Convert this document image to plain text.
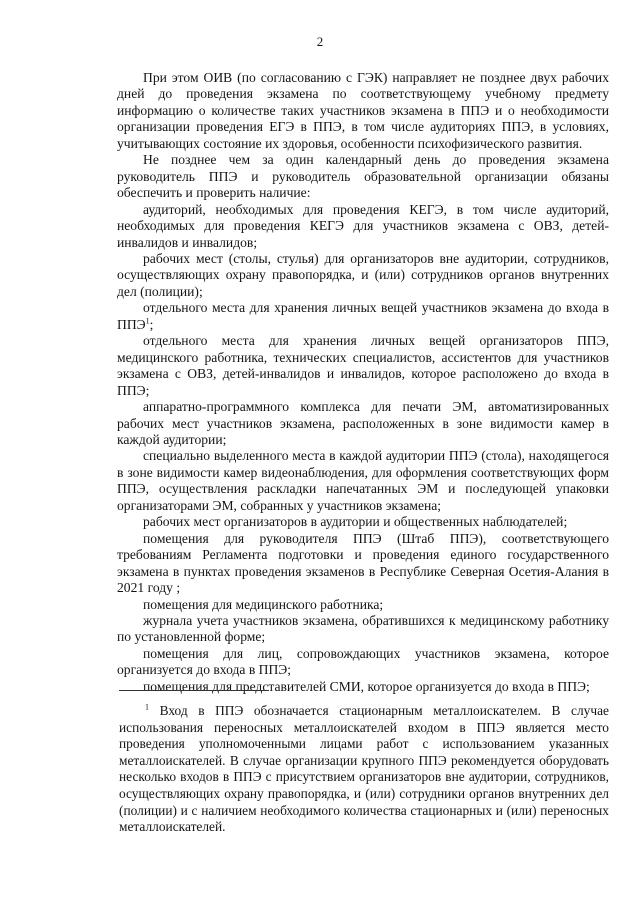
2

При этом ОИВ (по согласованию с ГЭК) направляет не позднее двух рабочих дней до проведения экзамена по соответствующему учебному предмету информацию о количестве таких участников экзамена в ППЭ и о необходимости организации проведения ЕГЭ в ППЭ, в том числе аудиториях ППЭ, в условиях, учитывающих состояние их здоровья, особенности психофизического развития.

Не позднее чем за один календарный день до проведения экзамена руководитель ППЭ и руководитель образовательной организации обязаны обеспечить и проверить наличие:

аудиторий, необходимых для проведения КЕГЭ, в том числе аудиторий, необходимых для проведения КЕГЭ для участников экзамена с ОВЗ, детей-инвалидов и инвалидов;

рабочих мест (столы, стулья) для организаторов вне аудитории, сотрудников, осуществляющих охрану правопорядка, и (или) сотрудников органов внутренних дел (полиции);

отдельного места для хранения личных вещей участников экзамена до входа в ППЭ$^1$;

отдельного места для хранения личных вещей организаторов ППЭ, медицинского работника, технических специалистов, ассистентов для участников экзамена с ОВЗ, детей-инвалидов и инвалидов, которое расположено до входа в ППЭ;

аппаратно-программного комплекса для печати ЭМ, автоматизированных рабочих мест участников экзамена, расположенных в зоне видимости камер в каждой аудитории;

специально выделенного места в каждой аудитории ППЭ (стола), находящегося в зоне видимости камер видеонаблюдения, для оформления соответствующих форм ППЭ, осуществления раскладки напечатанных ЭМ и последующей упаковки организаторами ЭМ, собранных у участников экзамена;

рабочих мест организаторов в аудитории и общественных наблюдателей;

помещения для руководителя ППЭ (Штаб ППЭ), соответствующего требованиям Регламента подготовки и проведения единого государственного экзамена в пунктах проведения экзаменов в Республике Северная Осетия-Алания в 2021 году ;

помещения для медицинского работника;

журнала учета участников экзамена, обратившихся к медицинскому работнику по установленной форме;

помещения для лиц, сопровождающих участников экзамена, которое организуется до входа в ППЭ;

помещения для представителей СМИ, которое организуется до входа в ППЭ;

$^1$ Вход в ППЭ обозначается стационарным металлоискателем. В случае использования переносных металлоискателей входом в ППЭ является место проведения уполномоченными лицами работ с использованием указанных металлоискателей. В случае организации крупного ППЭ рекомендуется оборудовать несколько входов в ППЭ с присутствием организаторов вне аудитории, сотрудников, осуществляющих охрану правопорядка, и (или) сотрудники органов внутренних дел (полиции) и с наличием необходимого количества стационарных и (или) переносных металлоискателей.
